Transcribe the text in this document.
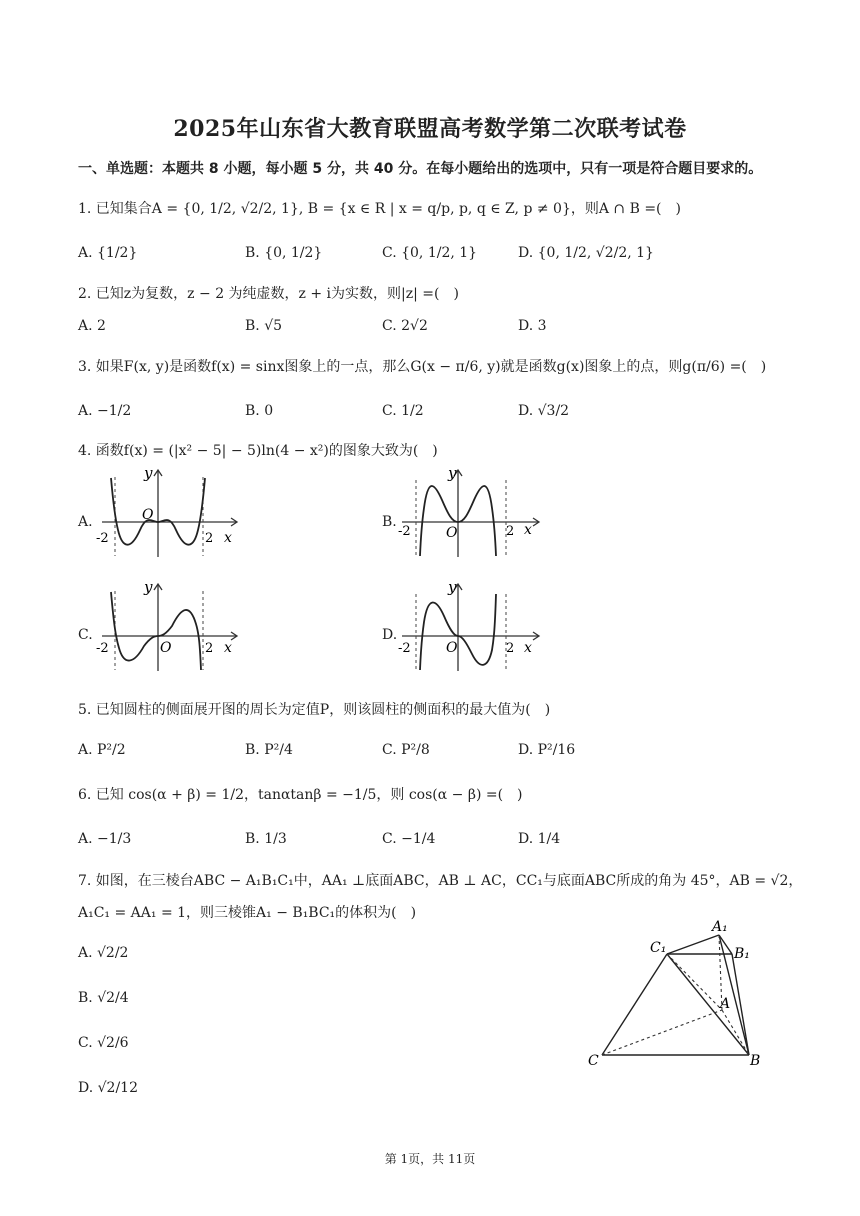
2025年山东省大教育联盟高考数学第二次联考试卷
一、单选题：本题共 8 小题，每小题 5 分，共 40 分。在每小题给出的选项中，只有一项是符合题目要求的。
1. 已知集合A = {0, 1/2, √2/2, 1}, B = {x ∈ R | x = q/p, p, q ∈ Z, p ≠ 0}，则A ∩ B =(　)
A. {1/2}	B. {0, 1/2}	C. {0, 1/2, 1}	D. {0, 1/2, √2/2, 1}
2. 已知z为复数，z − 2 为纯虚数，z + i为实数，则|z| =(　)
A. 2	B. √5	C. 2√2	D. 3
3. 如果F(x, y)是函数f(x) = sinx图象上的一点，那么G(x − π/6, y)就是函数g(x)图象上的点，则g(π/6) =(　)
A. −1/2	B. 0	C. 1/2	D. √3/2
4. 函数f(x) = (|x² − 5| − 5)ln(4 − x²)的图象大致为(　)
A.
y
O
-2	2 x
B.
y
O
-2	2 x
C.
y
O
-2	2 x
D.
y
O
-2	2 x
5. 已知圆柱的侧面展开图的周长为定值P，则该圆柱的侧面积的最大值为(　)
A. P²/2	B. P²/4	C. P²/8	D. P²/16
6. 已知 cos(α + β) = 1/2，tanαtanβ = −1/5，则 cos(α − β) =(　)
A. −1/3	B. 1/3	C. −1/4	D. 1/4
7. 如图，在三棱台ABC − A₁B₁C₁中，AA₁ ⊥底面ABC，AB ⊥ AC，CC₁与底面ABC所成的角为 45°，AB = √2，
A₁C₁ = AA₁ = 1，则三棱锥A₁ − B₁BC₁的体积为(　)
A. √2/2
B. √2/4
C. √2/6
D. √2/12
A₁
B₁
C₁
A
B
C
第 1页，共 11页
